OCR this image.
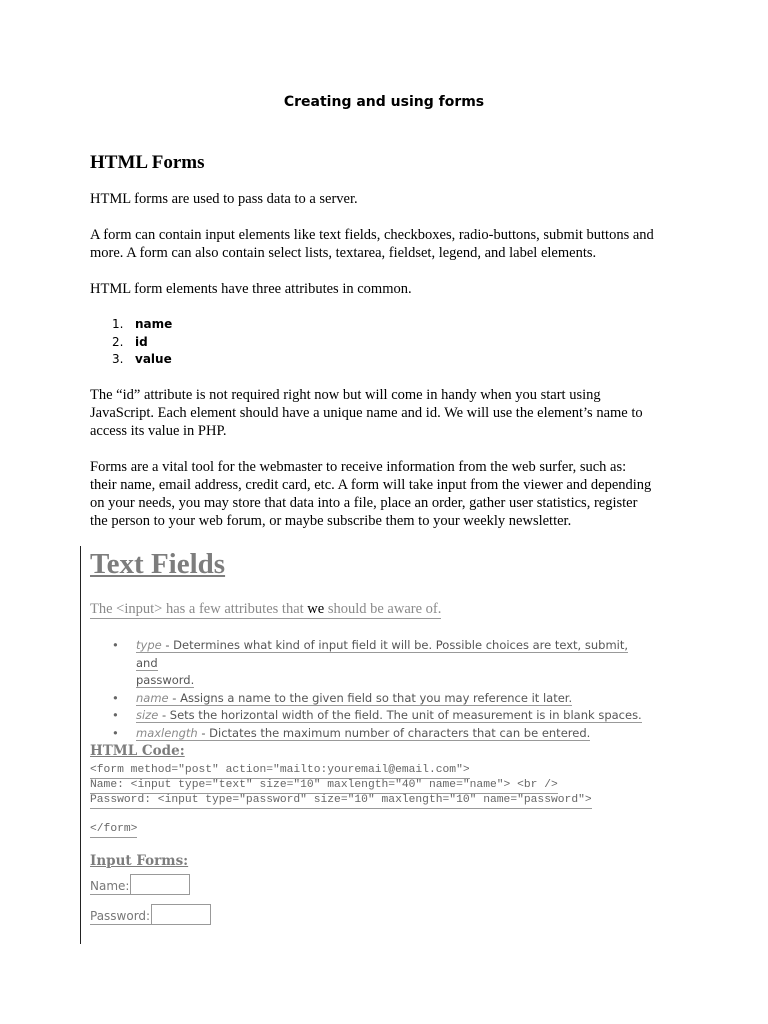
Creating and using forms
HTML Forms
HTML forms are used to pass data to a server.
A form can contain input elements like text fields, checkboxes, radio-buttons, submit buttons and
more. A form can also contain select lists, textarea, fieldset, legend, and label elements.
HTML form elements have three attributes in common.
1. name
2. id
3. value
The “id” attribute is not required right now but will come in handy when you start using
JavaScript. Each element should have a unique name and id. We will use the element’s name to
access its value in PHP.
Forms are a vital tool for the webmaster to receive information from the web surfer, such as:
their name, email address, credit card, etc. A form will take input from the viewer and depending
on your needs, you may store that data into a file, place an order, gather user statistics, register
the person to your web forum, or maybe subscribe them to your weekly newsletter.
Text Fields
The <input> has a few attributes that we should be aware of.
• type - Determines what kind of input field it will be. Possible choices are text, submit, and
password.
• name - Assigns a name to the given field so that you may reference it later.
• size - Sets the horizontal width of the field. The unit of measurement is in blank spaces.
• maxlength - Dictates the maximum number of characters that can be entered.
HTML Code:
<form method="post" action="mailto:youremail@email.com">
Name: <input type="text" size="10" maxlength="40" name="name"> <br />
Password: <input type="password" size="10" maxlength="10" name="password">
</form>
Input Forms:
Name:
Password:
